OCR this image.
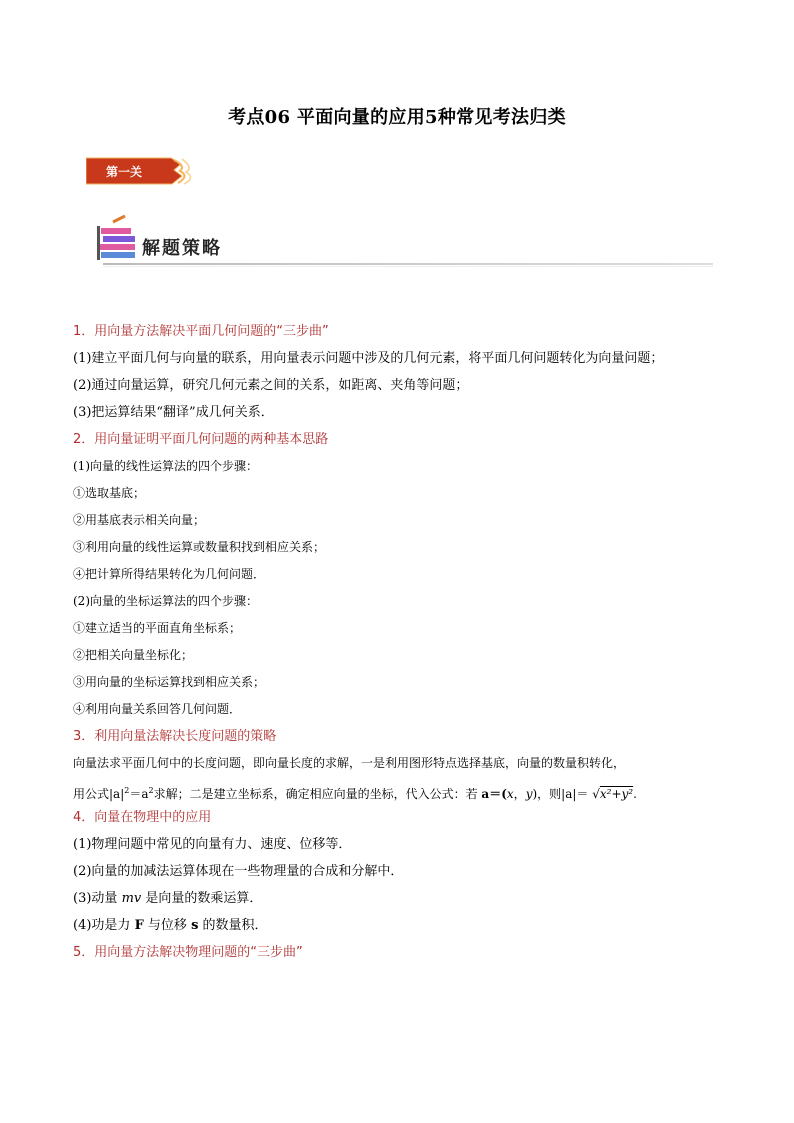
考点06 平面向量的应用5种常见考法归类
第一关
解题策略
1．用向量方法解决平面几何问题的“三步曲”
(1)建立平面几何与向量的联系，用向量表示问题中涉及的几何元素，将平面几何问题转化为向量问题；
(2)通过向量运算，研究几何元素之间的关系，如距离、夹角等问题；
(3)把运算结果“翻译”成几何关系．
2．用向量证明平面几何问题的两种基本思路
(1)向量的线性运算法的四个步骤：
①选取基底；
②用基底表示相关向量；
③利用向量的线性运算或数量积找到相应关系；
④把计算所得结果转化为几何问题．
(2)向量的坐标运算法的四个步骤：
①建立适当的平面直角坐标系；
②把相关向量坐标化；
③用向量的坐标运算找到相应关系；
④利用向量关系回答几何问题．
3．利用向量法解决长度问题的策略
向量法求平面几何中的长度问题，即向量长度的求解，一是利用图形特点选择基底，向量的数量积转化，
用公式$|a|^2=a^2$求解；二是建立坐标系，确定相应向量的坐标，代入公式：若 a＝(x，y)，则|a|＝ √x²+y².
4．向量在物理中的应用
(1)物理问题中常见的向量有力、速度、位移等．
(2)向量的加减法运算体现在一些物理量的合成和分解中．
(3)动量 mv 是向量的数乘运算．
(4)功是力 F 与位移 s 的数量积．
5．用向量方法解决物理问题的“三步曲”
